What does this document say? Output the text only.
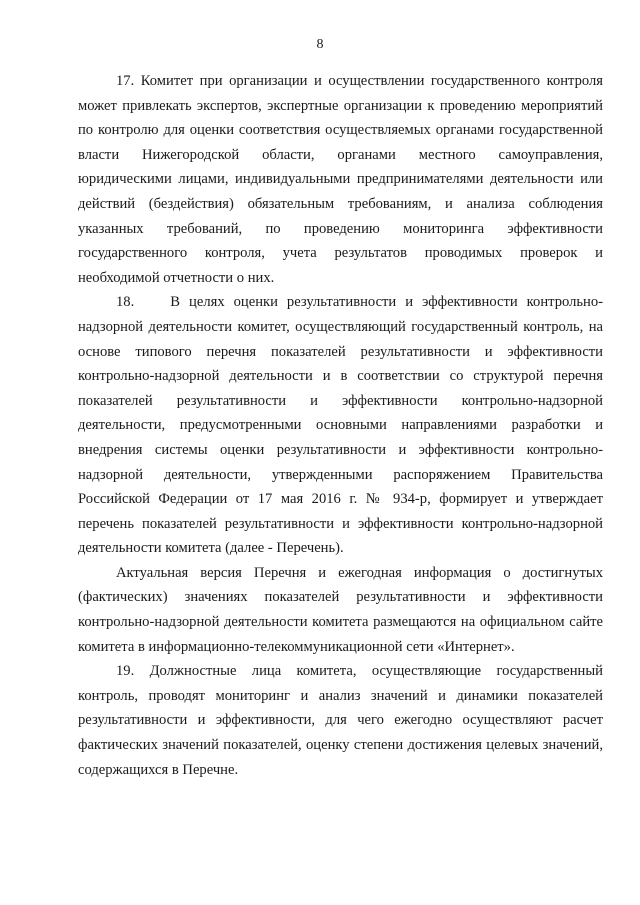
8

17. Комитет при организации и осуществлении государственного контроля может привлекать экспертов, экспертные организации к проведению мероприятий по контролю для оценки соответствия осуществляемых органами государственной власти Нижегородской области, органами местного самоуправления, юридическими лицами, индивидуальными предпринимателями деятельности или действий (бездействия) обязательным требованиям, и анализа соблюдения указанных требований, по проведению мониторинга эффективности государственного контроля, учета результатов проводимых проверок и необходимой отчетности о них.

18.    В целях оценки результативности и эффективности контрольно-надзорной деятельности комитет, осуществляющий государственный контроль, на основе типового перечня показателей результативности и эффективности контрольно-надзорной деятельности и в соответствии со структурой перечня показателей результативности и эффективности контрольно-надзорной деятельности, предусмотренными основными направлениями разработки и внедрения системы оценки результативности и эффективности контрольно-надзорной деятельности, утвержденными распоряжением Правительства Российской Федерации от 17 мая 2016 г. № 934-р, формирует и утверждает перечень показателей результативности и эффективности контрольно-надзорной деятельности комитета (далее - Перечень).

Актуальная версия Перечня и ежегодная информация о достигнутых (фактических) значениях показателей результативности и эффективности контрольно-надзорной деятельности комитета размещаются на официальном сайте комитета в информационно-телекоммуникационной сети «Интернет».

19. Должностные лица комитета, осуществляющие государственный контроль, проводят мониторинг и анализ значений и динамики показателей результативности и эффективности, для чего ежегодно осуществляют расчет фактических значений показателей, оценку степени достижения целевых значений, содержащихся в Перечне.
